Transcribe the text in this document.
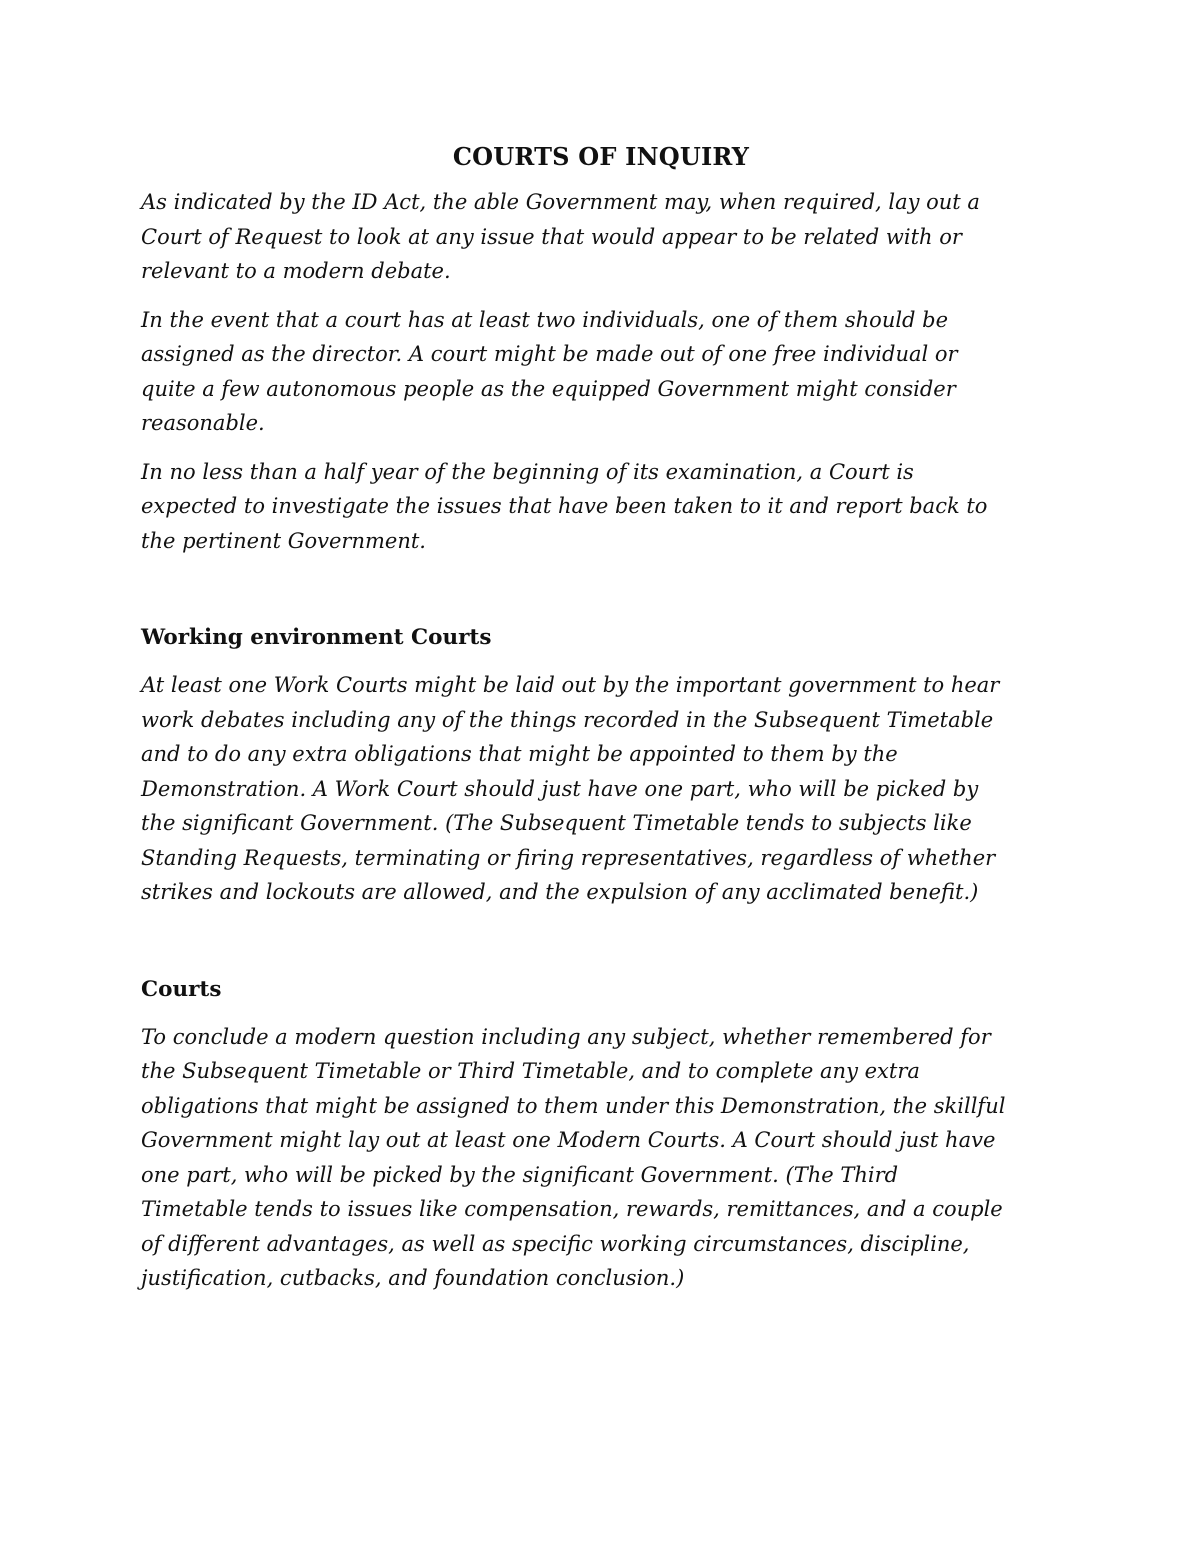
COURTS OF INQUIRY

As indicated by the ID Act, the able Government may, when required, lay out a
Court of Request to look at any issue that would appear to be related with or
relevant to a modern debate.

In the event that a court has at least two individuals, one of them should be
assigned as the director. A court might be made out of one free individual or
quite a few autonomous people as the equipped Government might consider
reasonable.

In no less than a half year of the beginning of its examination, a Court is
expected to investigate the issues that have been taken to it and report back to
the pertinent Government.

Working environment Courts

At least one Work Courts might be laid out by the important government to hear
work debates including any of the things recorded in the Subsequent Timetable
and to do any extra obligations that might be appointed to them by the
Demonstration. A Work Court should just have one part, who will be picked by
the significant Government. (The Subsequent Timetable tends to subjects like
Standing Requests, terminating or firing representatives, regardless of whether
strikes and lockouts are allowed, and the expulsion of any acclimated benefit.)

Courts

To conclude a modern question including any subject, whether remembered for
the Subsequent Timetable or Third Timetable, and to complete any extra
obligations that might be assigned to them under this Demonstration, the skillful
Government might lay out at least one Modern Courts. A Court should just have
one part, who will be picked by the significant Government. (The Third
Timetable tends to issues like compensation, rewards, remittances, and a couple
of different advantages, as well as specific working circumstances, discipline,
justification, cutbacks, and foundation conclusion.)
